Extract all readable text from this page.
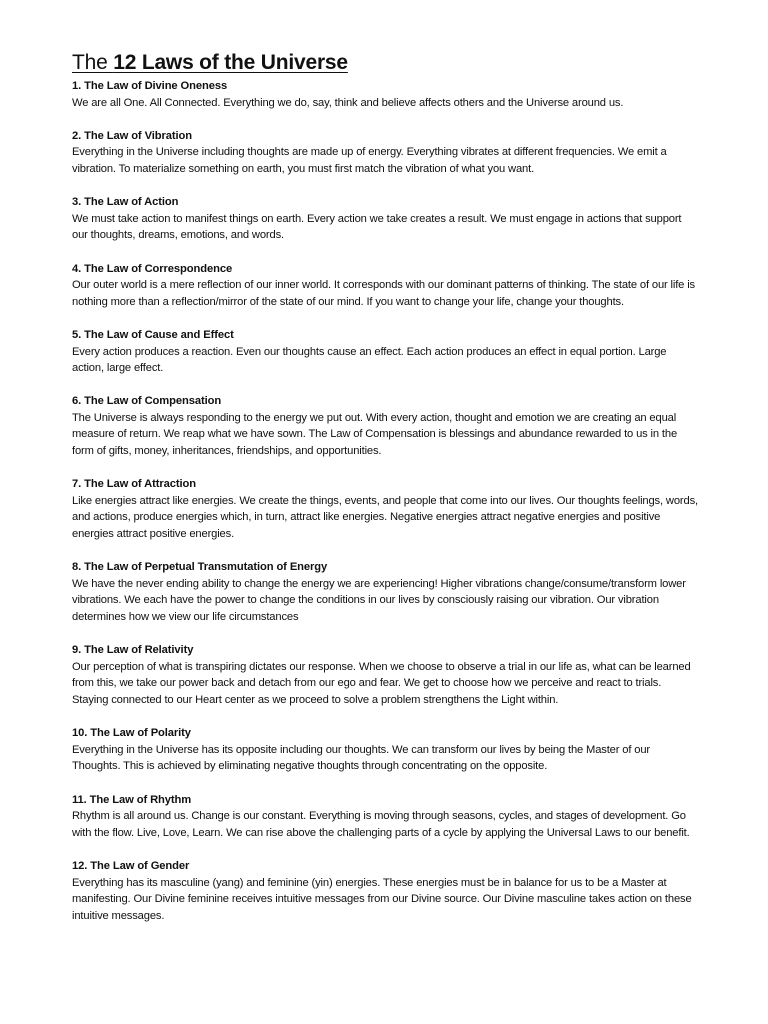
The 12 Laws of the Universe

1. The Law of Divine Oneness

We are all One. All Connected. Everything we do, say, think and believe affects others and the Universe around us.

2. The Law of Vibration

Everything in the Universe including thoughts are made up of energy. Everything vibrates at different frequencies. We emit a vibration. To materialize something on earth, you must first match the vibration of what you want.

3. The Law of Action

We must take action to manifest things on earth. Every action we take creates a result. We must engage in actions that support our thoughts, dreams, emotions, and words.

4. The Law of Correspondence

Our outer world is a mere reflection of our inner world. It corresponds with our dominant patterns of thinking. The state of our life is nothing more than a reflection/mirror of the state of our mind. If you want to change your life, change your thoughts.

5. The Law of Cause and Effect

Every action produces a reaction. Even our thoughts cause an effect. Each action produces an effect in equal portion. Large action, large effect.

6. The Law of Compensation

The Universe is always responding to the energy we put out. With every action, thought and emotion we are creating an equal measure of return. We reap what we have sown. The Law of Compensation is blessings and abundance rewarded to us in the form of gifts, money, inheritances, friendships, and opportunities.

7. The Law of Attraction

Like energies attract like energies. We create the things, events, and people that come into our lives. Our thoughts feelings, words, and actions, produce energies which, in turn, attract like energies. Negative energies attract negative energies and positive energies attract positive energies.

8. The Law of Perpetual Transmutation of Energy

We have the never ending ability to change the energy we are experiencing! Higher vibrations change/consume/transform lower vibrations. We each have the power to change the conditions in our lives by consciously raising our vibration. Our vibration determines how we view our life circumstances

9. The Law of Relativity

Our perception of what is transpiring dictates our response. When we choose to observe a trial in our life as, what can be learned from this, we take our power back and detach from our ego and fear. We get to choose how we perceive and react to trials. Staying connected to our Heart center as we proceed to solve a problem strengthens the Light within.

10. The Law of Polarity

Everything in the Universe has its opposite including our thoughts. We can transform our lives by being the Master of our Thoughts. This is achieved by eliminating negative thoughts through concentrating on the opposite.

11. The Law of Rhythm

Rhythm is all around us. Change is our constant. Everything is moving through seasons, cycles, and stages of development. Go with the flow. Live, Love, Learn. We can rise above the challenging parts of a cycle by applying the Universal Laws to our benefit.

12. The Law of Gender

Everything has its masculine (yang) and feminine (yin) energies. These energies must be in balance for us to be a Master at manifesting. Our Divine feminine receives intuitive messages from our Divine source. Our Divine masculine takes action on these intuitive messages.
